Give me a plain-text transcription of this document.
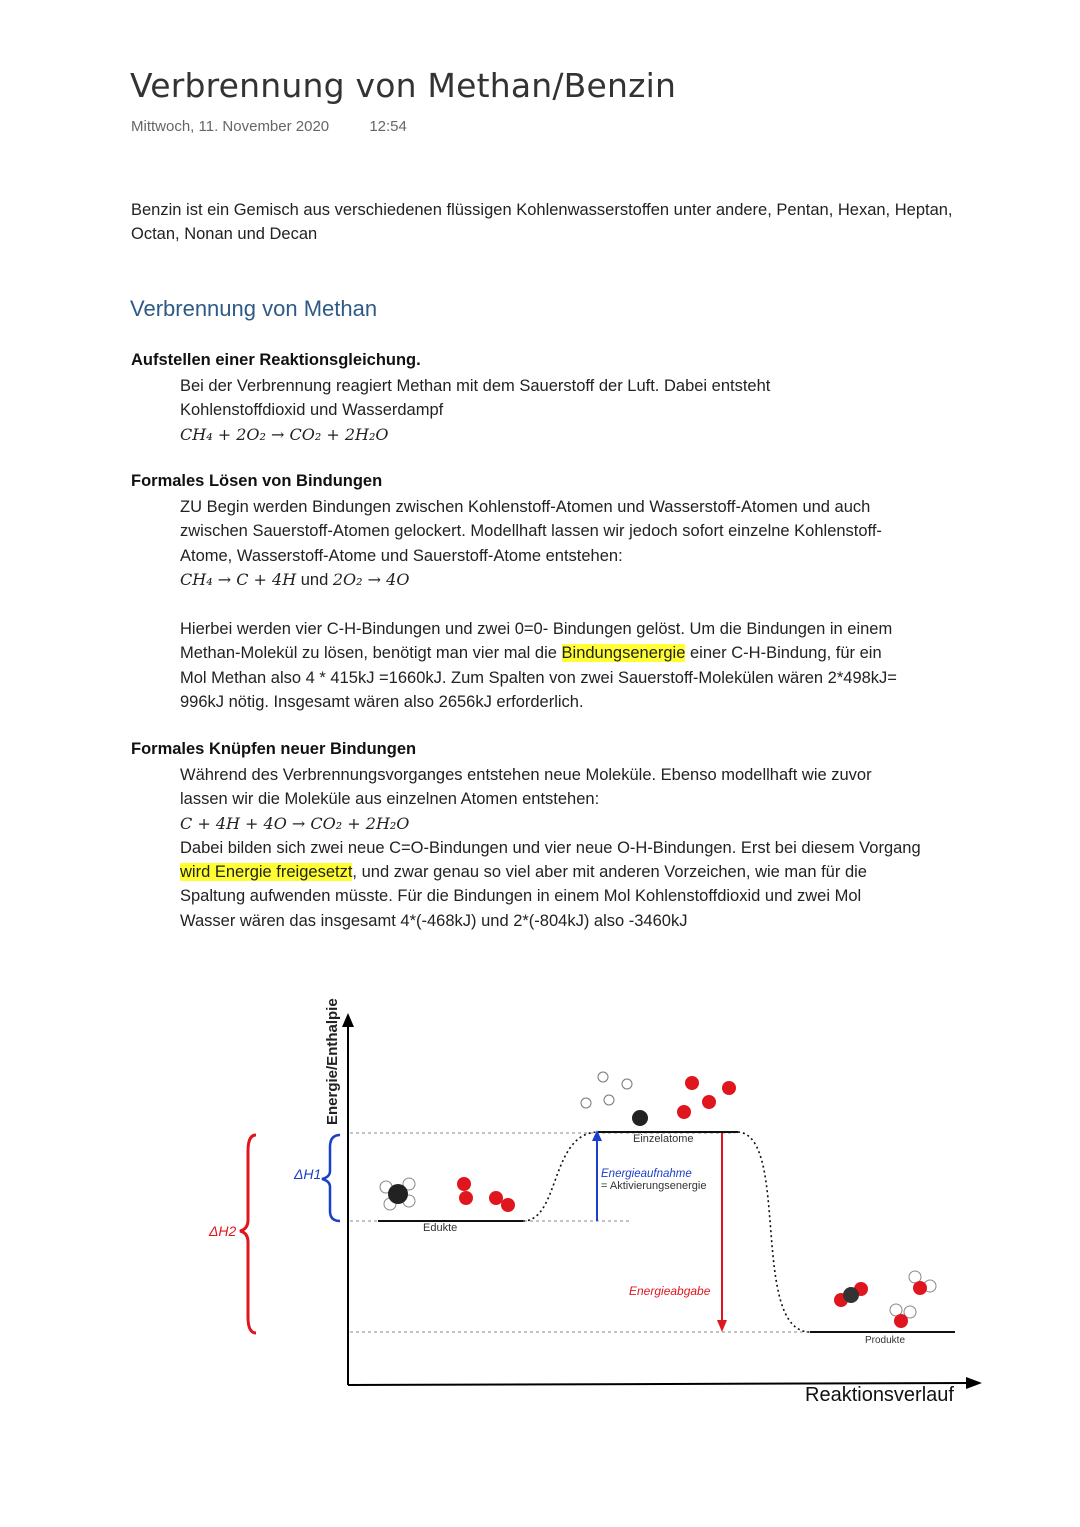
Verbrennung von Methan/Benzin
Mittwoch, 11. November 2020	12:54
Benzin ist ein Gemisch aus verschiedenen flüssigen Kohlenwasserstoffen unter andere, Pentan, Hexan, Heptan, Octan, Nonan und Decan
Verbrennung von Methan
Aufstellen einer Reaktionsgleichung.
Bei der Verbrennung reagiert Methan mit dem Sauerstoff der Luft. Dabei entsteht
Kohlenstoffdioxid und Wasserdampf
CH₄ + 2O₂ → CO₂ + 2H₂O
Formales Lösen von Bindungen
ZU Begin werden Bindungen zwischen Kohlenstoff-Atomen und Wasserstoff-Atomen und auch
zwischen Sauerstoff-Atomen gelockert. Modellhaft lassen wir jedoch sofort einzelne Kohlenstoff-
Atome, Wasserstoff-Atome und Sauerstoff-Atome entstehen:
CH₄ → C + 4H und 2O₂ → 4O
Hierbei werden vier C-H-Bindungen und zwei 0=0- Bindungen gelöst. Um die Bindungen in einem
Methan-Molekül zu lösen, benötigt man vier mal die Bindungsenergie einer C-H-Bindung, für ein
Mol Methan also 4 * 415kJ =1660kJ. Zum Spalten von zwei Sauerstoff-Molekülen wären 2*498kJ=
996kJ nötig. Insgesamt wären also 2656kJ erforderlich.
Formales Knüpfen neuer Bindungen
Während des Verbrennungsvorganges entstehen neue Moleküle. Ebenso modellhaft wie zuvor
lassen wir die Moleküle aus einzelnen Atomen entstehen:
C + 4H + 4O → CO₂ + 2H₂O
Dabei bilden sich zwei neue C=O-Bindungen und vier neue O-H-Bindungen. Erst bei diesem Vorgang
wird Energie freigesetzt, und zwar genau so viel aber mit anderen Vorzeichen, wie man für die
Spaltung aufwenden müsste. Für die Bindungen in einem Mol Kohlenstoffdioxid und zwei Mol
Wasser wären das insgesamt 4*(-468kJ) und 2*(-804kJ) also -3460kJ
Energie/Enthalpie
Reaktionsverlauf
Edukte
Einzelatome
Produkte
Energieaufnahme
= Aktivierungsenergie
Energieabgabe
ΔH1
ΔH2
